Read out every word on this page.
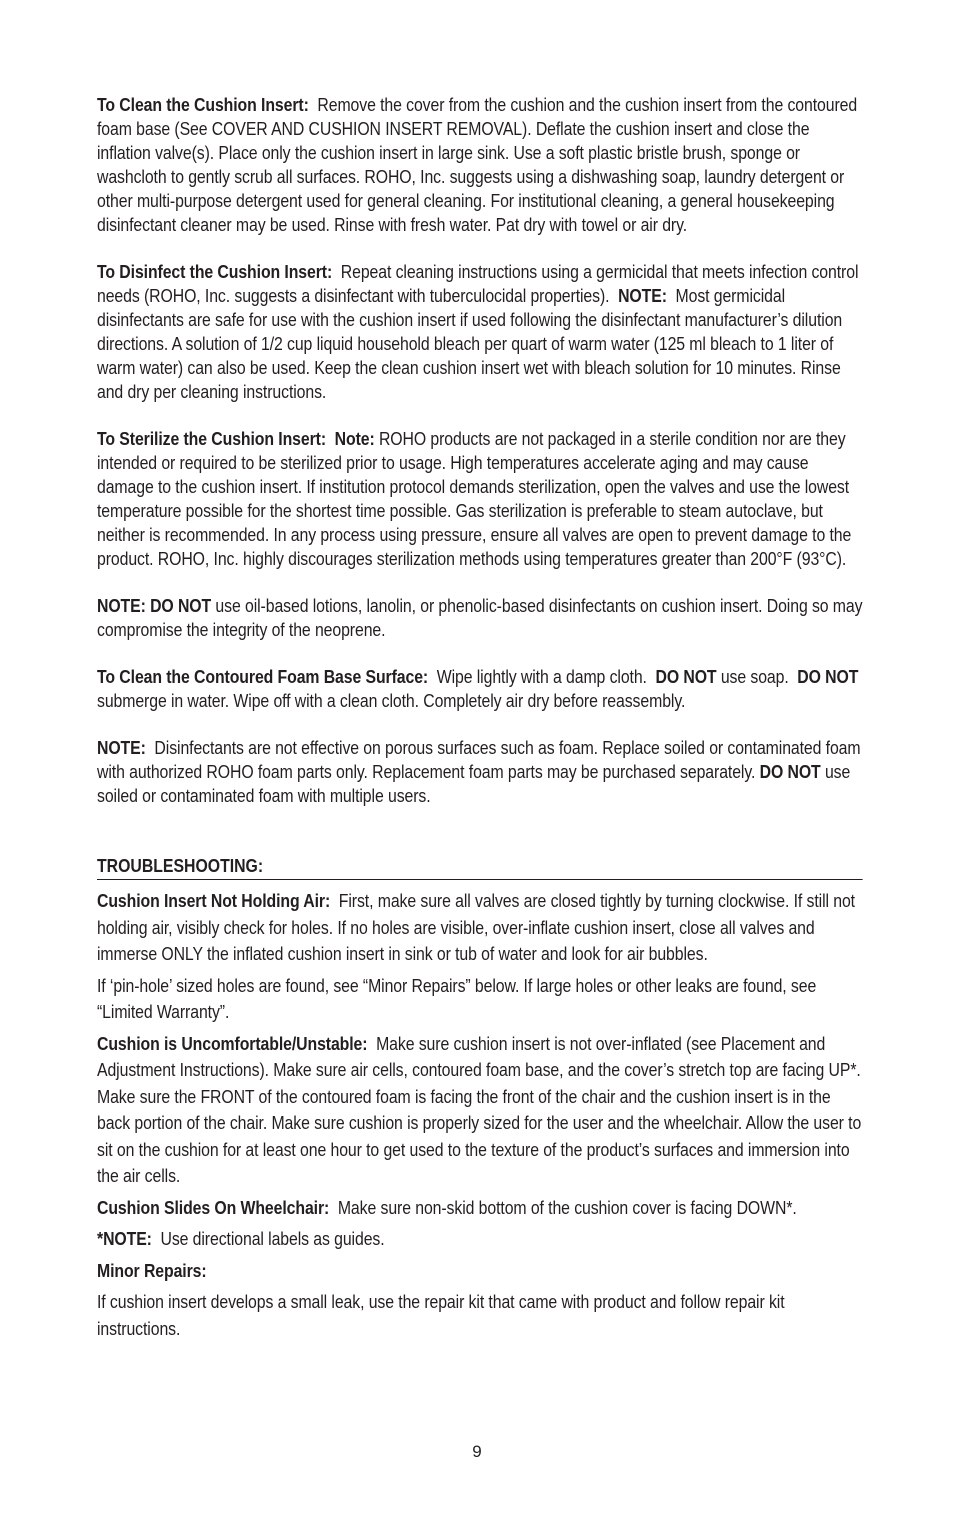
To Clean the Cushion Insert: Remove the cover from the cushion and the cushion insert from the contoured foam base (See COVER AND CUSHION INSERT REMOVAL). Deflate the cushion insert and close the inflation valve(s). Place only the cushion insert in large sink. Use a soft plastic bristle brush, sponge or washcloth to gently scrub all surfaces. ROHO, Inc. suggests using a dishwashing soap, laundry detergent or other multi-purpose detergent used for general cleaning. For institutional cleaning, a general housekeeping disinfectant cleaner may be used. Rinse with fresh water. Pat dry with towel or air dry.

To Disinfect the Cushion Insert: Repeat cleaning instructions using a germicidal that meets infection control needs (ROHO, Inc. suggests a disinfectant with tuberculocidal properties). NOTE: Most germicidal disinfectants are safe for use with the cushion insert if used following the disinfectant manufacturer’s dilution directions. A solution of 1/2 cup liquid household bleach per quart of warm water (125 ml bleach to 1 liter of warm water) can also be used. Keep the clean cushion insert wet with bleach solution for 10 minutes. Rinse and dry per cleaning instructions.

To Sterilize the Cushion Insert: Note: ROHO products are not packaged in a sterile condition nor are they intended or required to be sterilized prior to usage. High temperatures accelerate aging and may cause damage to the cushion insert. If institution protocol demands sterilization, open the valves and use the lowest temperature possible for the shortest time possible. Gas sterilization is preferable to steam autoclave, but neither is recommended. In any process using pressure, ensure all valves are open to prevent damage to the product. ROHO, Inc. highly discourages sterilization methods using temperatures greater than 200°F (93°C).

NOTE: DO NOT use oil-based lotions, lanolin, or phenolic-based disinfectants on cushion insert. Doing so may compromise the integrity of the neoprene.

To Clean the Contoured Foam Base Surface: Wipe lightly with a damp cloth. DO NOT use soap. DO NOT submerge in water. Wipe off with a clean cloth. Completely air dry before reassembly.

NOTE: Disinfectants are not effective on porous surfaces such as foam. Replace soiled or contaminated foam with authorized ROHO foam parts only. Replacement foam parts may be purchased separately. DO NOT use soiled or contaminated foam with multiple users.

TROUBLESHOOTING:

Cushion Insert Not Holding Air: First, make sure all valves are closed tightly by turning clockwise. If still not holding air, visibly check for holes. If no holes are visible, over-inflate cushion insert, close all valves and immerse ONLY the inflated cushion insert in sink or tub of water and look for air bubbles.

If ‘pin-hole’ sized holes are found, see “Minor Repairs” below. If large holes or other leaks are found, see “Limited Warranty”.

Cushion is Uncomfortable/Unstable: Make sure cushion insert is not over-inflated (see Placement and Adjustment Instructions). Make sure air cells, contoured foam base, and the cover’s stretch top are facing UP*. Make sure the FRONT of the contoured foam is facing the front of the chair and the cushion insert is in the back portion of the chair. Make sure cushion is properly sized for the user and the wheelchair. Allow the user to sit on the cushion for at least one hour to get used to the texture of the product’s surfaces and immersion into the air cells.

Cushion Slides On Wheelchair: Make sure non-skid bottom of the cushion cover is facing DOWN*.

*NOTE: Use directional labels as guides.

Minor Repairs:

If cushion insert develops a small leak, use the repair kit that came with product and follow repair kit instructions.

9
